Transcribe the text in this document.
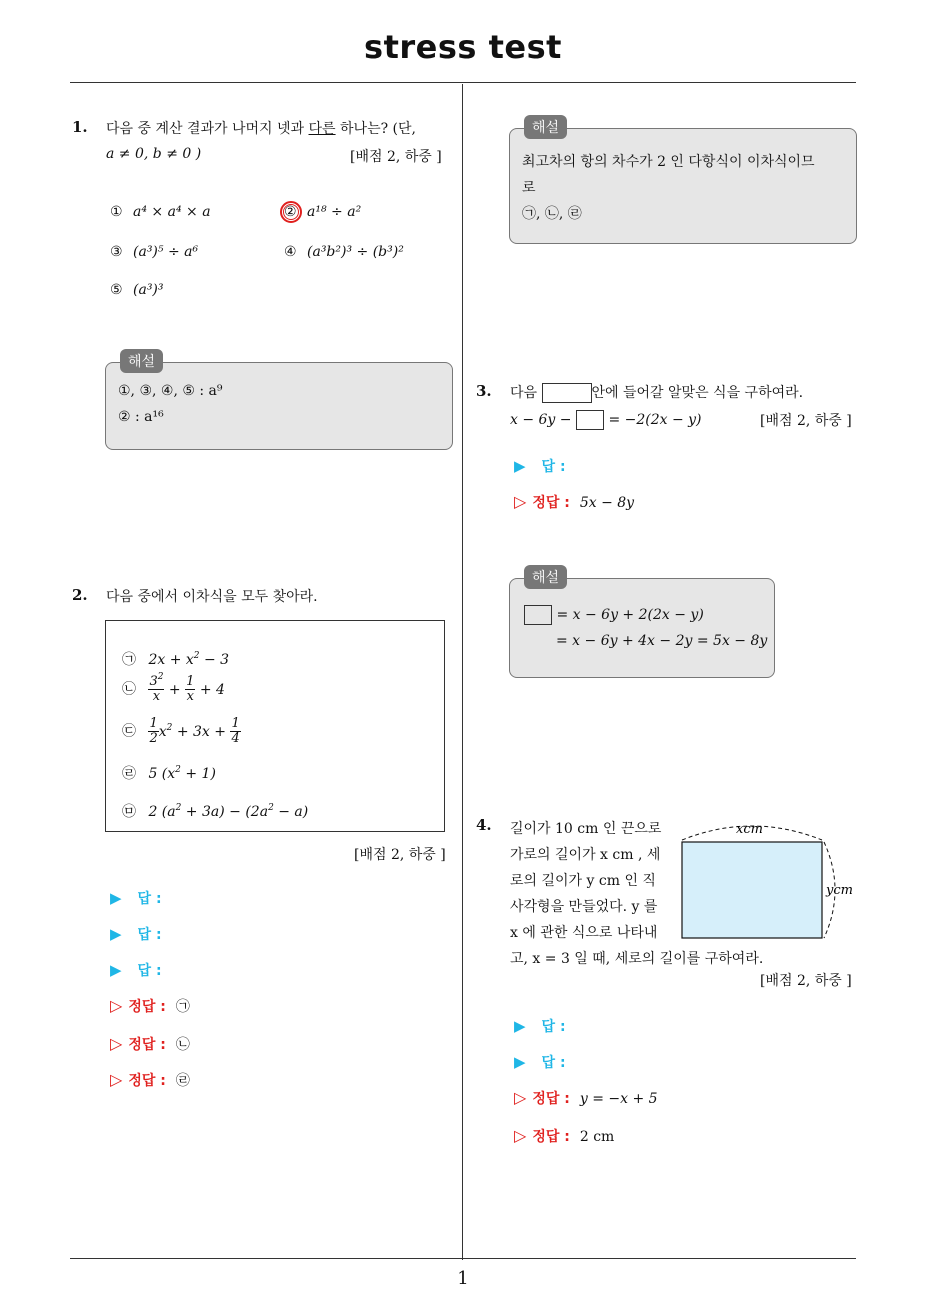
stress test
1
1. 다음 중 계산 결과가 나머지 넷과 다른 하나는? (단,
a ≠ 0, b ≠ 0 )	[배점 2, 하중 ]
① a⁴ × a⁴ × a	② a¹⁸ ÷ a²
③ (a³)⁵ ÷ a⁶	④ (a³b²)³ ÷ (b³)²
⑤ (a³)³
해설
①, ③, ④, ⑤ : a⁹
② : a¹⁶
2. 다음 중에서 이차식을 모두 찾아라.
㉠ $2x + x^2 - 3$
㉡ $\frac{3^2}{x} + \frac{1}{x} + 4$
㉢ $\frac{1}{2} x^2 + 3x + \frac{1}{4}$
㉣ 5 $(x^2 + 1)$
㉤ 2 $(a^2 + 3a) - (2a^2 - a)$
[배점 2, 하중 ]
▶ 답 :
▶ 답 :
▶ 답 :
▷ 정답 : ㉠
▷ 정답 : ㉡
▷ 정답 : ㉣
해설
최고차의 항의 차수가 2 인 다항식이 이차식이므
로
㉠, ㉡, ㉣
3. 다음	안에 들어갈 알맞은 식을 구하여라.
x − 6y −	= −2(2x − y)	[배점 2, 하중 ]
▶ 답 :
▷ 정답 : 5x − 8y
해설
= x − 6y + 2(2x − y)
= x − 6y + 4x − 2y = 5x − 8y
4. 길이가 10 cm 인 끈으로
가로의 길이가 x cm , 세
로의 길이가 y cm 인 직
사각형을 만들었다. y 를
x 에 관한 식으로 나타내
고, x = 3 일 때, 세로의 길이를 구하여라.
xcm
ycm
[배점 2, 하중 ]
▶ 답 :
▶ 답 :
▷ 정답 : y = −x + 5
▷ 정답 : 2 cm
